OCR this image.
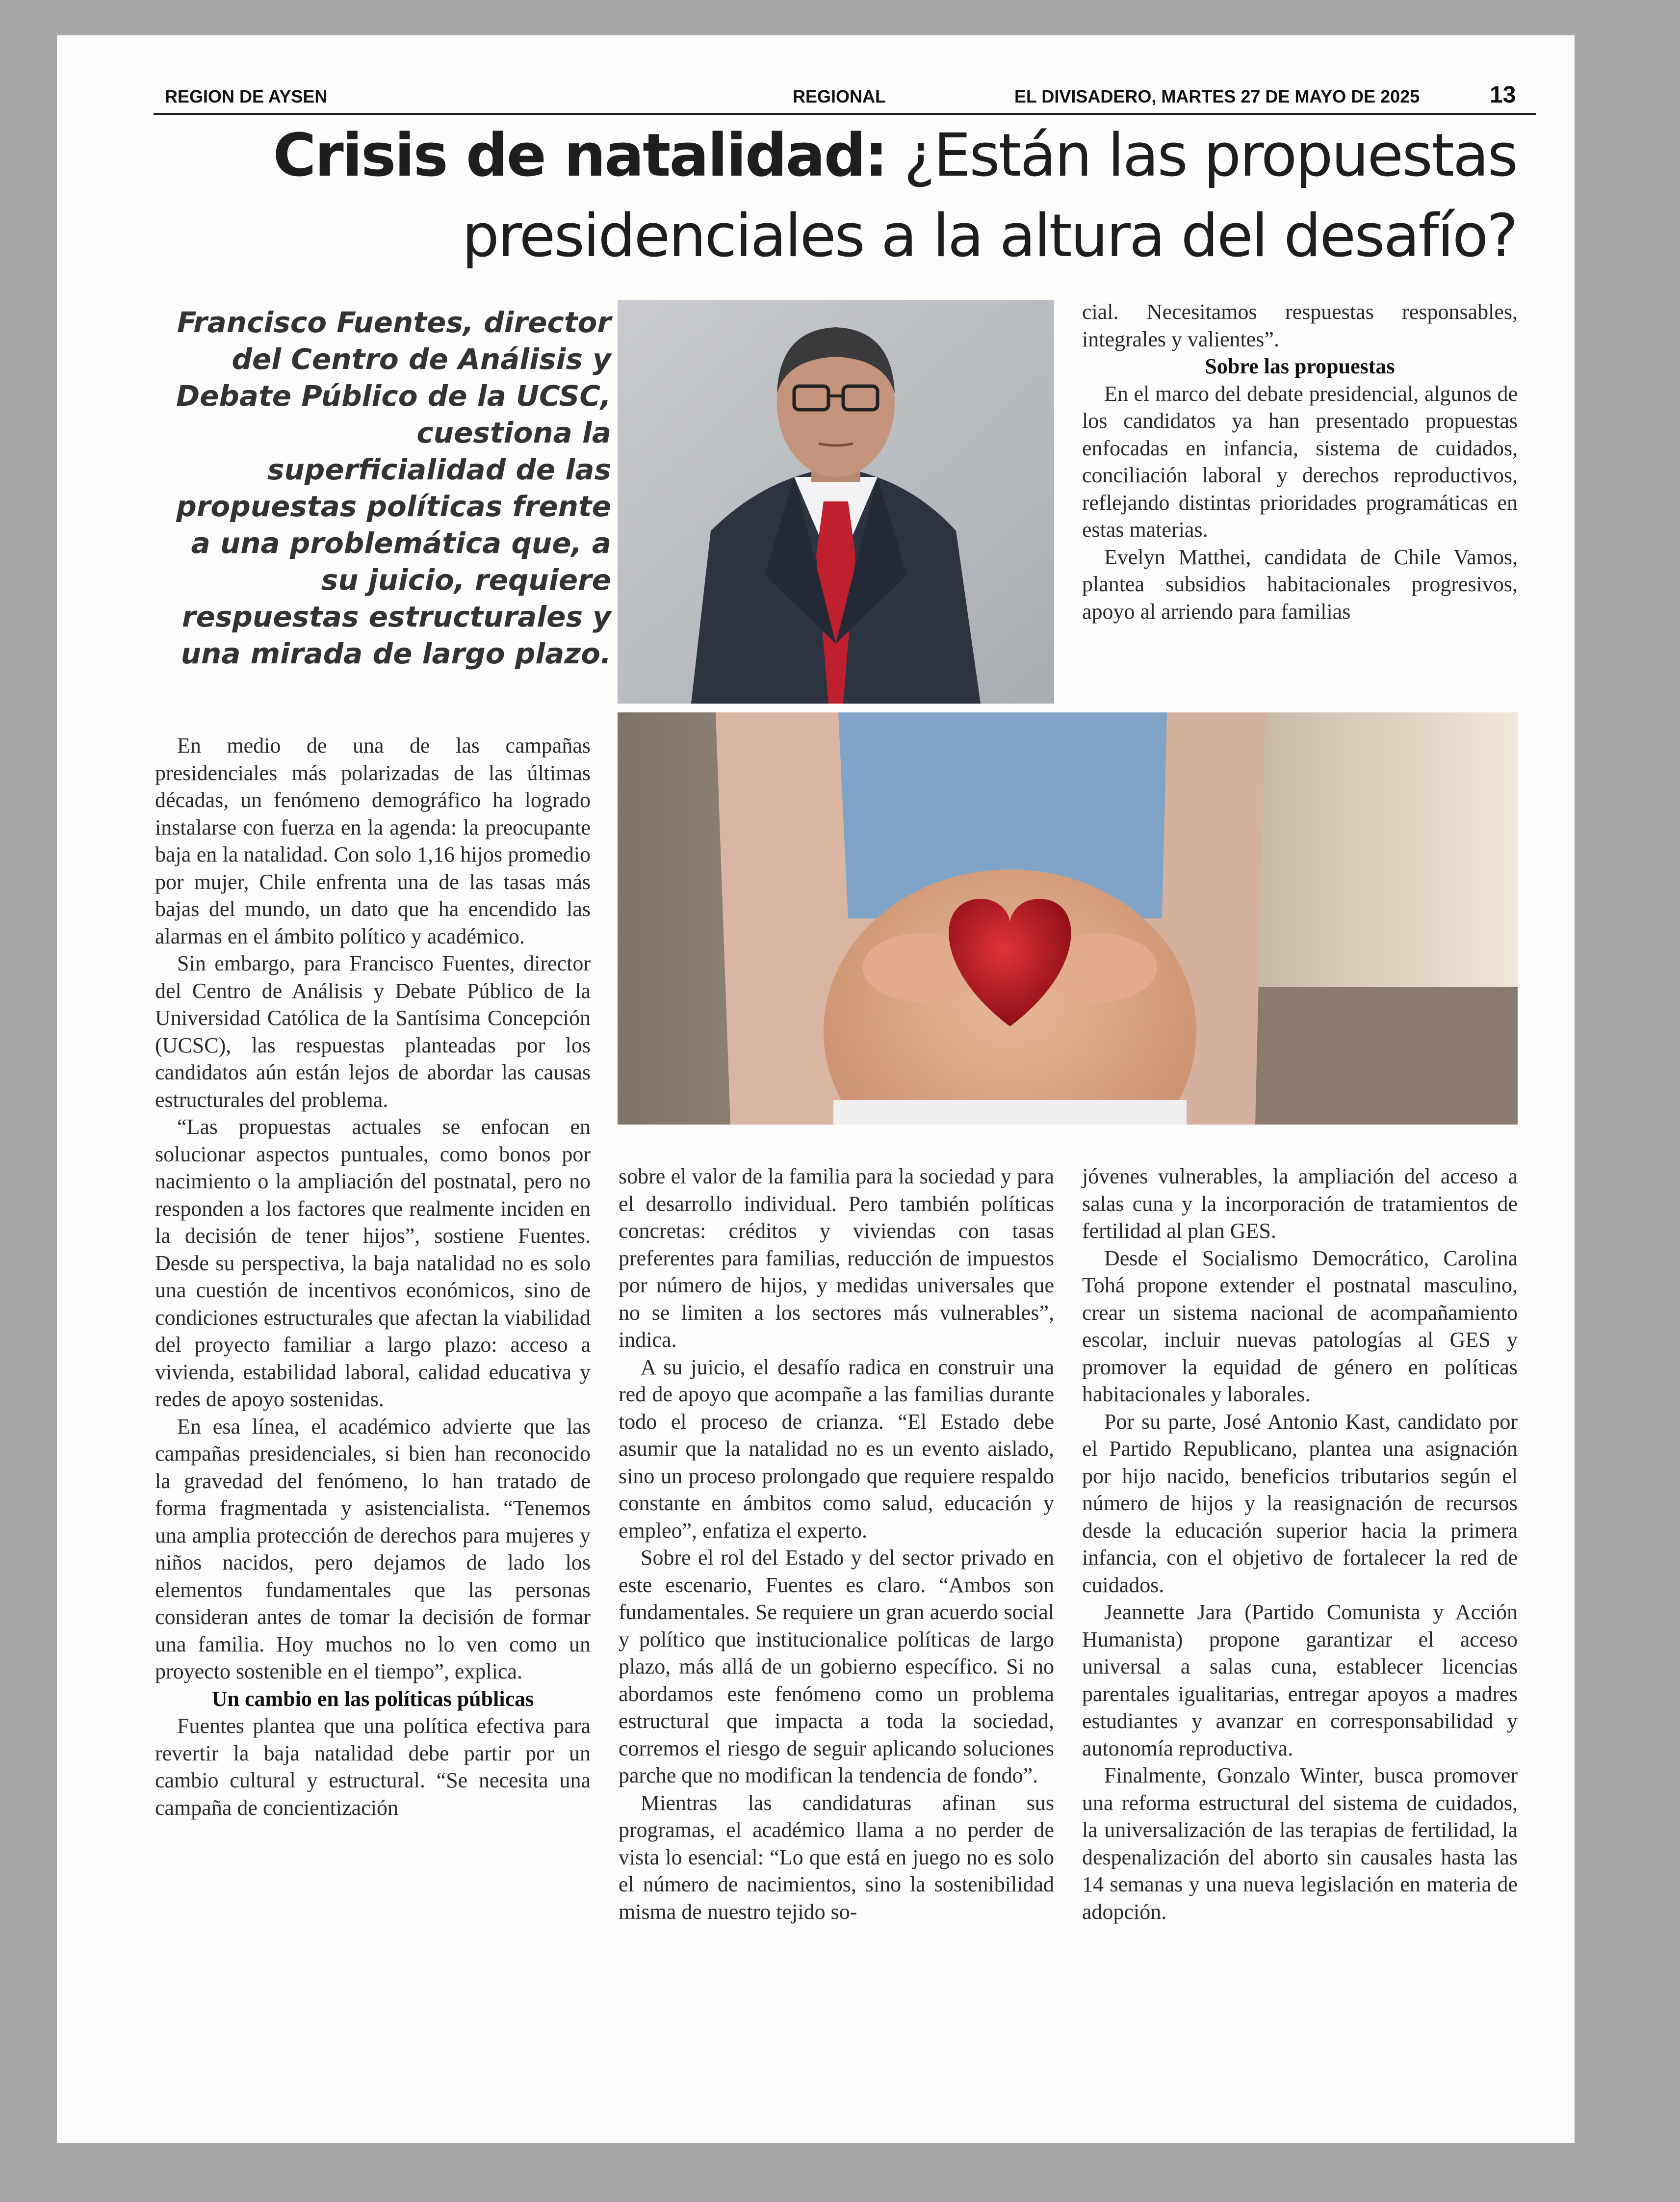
REGION DE AYSEN	REGIONAL	EL DIVISADERO, MARTES 27 DE MAYO DE 2025	13
Crisis de natalidad: ¿Están las propuestas
presidenciales a la altura del desafío?
Francisco Fuentes, director del Centro de Análisis y Debate Público de la UCSC, cuestiona la superficialidad de las propuestas políticas frente a una problemática que, a su juicio, requiere respuestas estructurales y una mirada de largo plazo.

En medio de una de las campañas presidenciales más polarizadas de las últimas décadas, un fenómeno demográfico ha logrado instalarse con fuerza en la agenda: la preocupante baja en la natalidad. Con solo 1,16 hijos promedio por mujer, Chile enfrenta una de las tasas más bajas del mundo, un dato que ha encendido las alarmas en el ámbito político y académico.

Sin embargo, para Francisco Fuentes, director del Centro de Análisis y Debate Público de la Universidad Católica de la Santísima Concepción (UCSC), las respuestas planteadas por los candidatos aún están lejos de abordar las causas estructurales del problema.

“Las propuestas actuales se enfocan en solucionar aspectos puntuales, como bonos por nacimiento o la ampliación del postnatal, pero no responden a los factores que realmente inciden en la decisión de tener hijos”, sostiene Fuentes. Desde su perspectiva, la baja natalidad no es solo una cuestión de incentivos económicos, sino de condiciones estructurales que afectan la viabilidad del proyecto familiar a largo plazo: acceso a vivienda, estabilidad laboral, calidad educativa y redes de apoyo sostenidas.

En esa línea, el académico advierte que las campañas presidenciales, si bien han reconocido la gravedad del fenómeno, lo han tratado de forma fragmentada y asistencialista. “Tenemos una amplia protección de derechos para mujeres y niños nacidos, pero dejamos de lado los elementos fundamentales que las personas consideran antes de tomar la decisión de formar una familia. Hoy muchos no lo ven como un proyecto sostenible en el tiempo”, explica.

Un cambio en las políticas públicas

Fuentes plantea que una política efectiva para revertir la baja natalidad debe partir por un cambio cultural y estructural. “Se necesita una campaña de concientización

sobre el valor de la familia para la sociedad y para el desarrollo individual. Pero también políticas concretas: créditos y viviendas con tasas preferentes para familias, reducción de impuestos por número de hijos, y medidas universales que no se limiten a los sectores más vulnerables”, indica.

A su juicio, el desafío radica en construir una red de apoyo que acompañe a las familias durante todo el proceso de crianza. “El Estado debe asumir que la natalidad no es un evento aislado, sino un proceso prolongado que requiere respaldo constante en ámbitos como salud, educación y empleo”, enfatiza el experto.

Sobre el rol del Estado y del sector privado en este escenario, Fuentes es claro. “Ambos son fundamentales. Se requiere un gran acuerdo social y político que institucionalice políticas de largo plazo, más allá de un gobierno específico. Si no abordamos este fenómeno como un problema estructural que impacta a toda la sociedad, corremos el riesgo de seguir aplicando soluciones parche que no modifican la tendencia de fondo”.

Mientras las candidaturas afinan sus programas, el académico llama a no perder de vista lo esencial: “Lo que está en juego no es solo el número de nacimientos, sino la sostenibilidad misma de nuestro tejido so-

cial. Necesitamos respuestas responsables, integrales y valientes”.

Sobre las propuestas

En el marco del debate presidencial, algunos de los candidatos ya han presentado propuestas enfocadas en infancia, sistema de cuidados, conciliación laboral y derechos reproductivos, reflejando distintas prioridades programáticas en estas materias.

Evelyn Matthei, candidata de Chile Vamos, plantea subsidios habitacionales progresivos, apoyo al arriendo para familias

jóvenes vulnerables, la ampliación del acceso a salas cuna y la incorporación de tratamientos de fertilidad al plan GES.

Desde el Socialismo Democrático, Carolina Tohá propone extender el postnatal masculino, crear un sistema nacional de acompañamiento escolar, incluir nuevas patologías al GES y promover la equidad de género en políticas habitacionales y laborales.

Por su parte, José Antonio Kast, candidato por el Partido Republicano, plantea una asignación por hijo nacido, beneficios tributarios según el número de hijos y la reasignación de recursos desde la educación superior hacia la primera infancia, con el objetivo de fortalecer la red de cuidados.

Jeannette Jara (Partido Comunista y Acción Humanista) propone garantizar el acceso universal a salas cuna, establecer licencias parentales igualitarias, entregar apoyos a madres estudiantes y avanzar en corresponsabilidad y autonomía reproductiva.

Finalmente, Gonzalo Winter, busca promover una reforma estructural del sistema de cuidados, la universalización de las terapias de fertilidad, la despenalización del aborto sin causales hasta las 14 semanas y una nueva legislación en materia de adopción.
